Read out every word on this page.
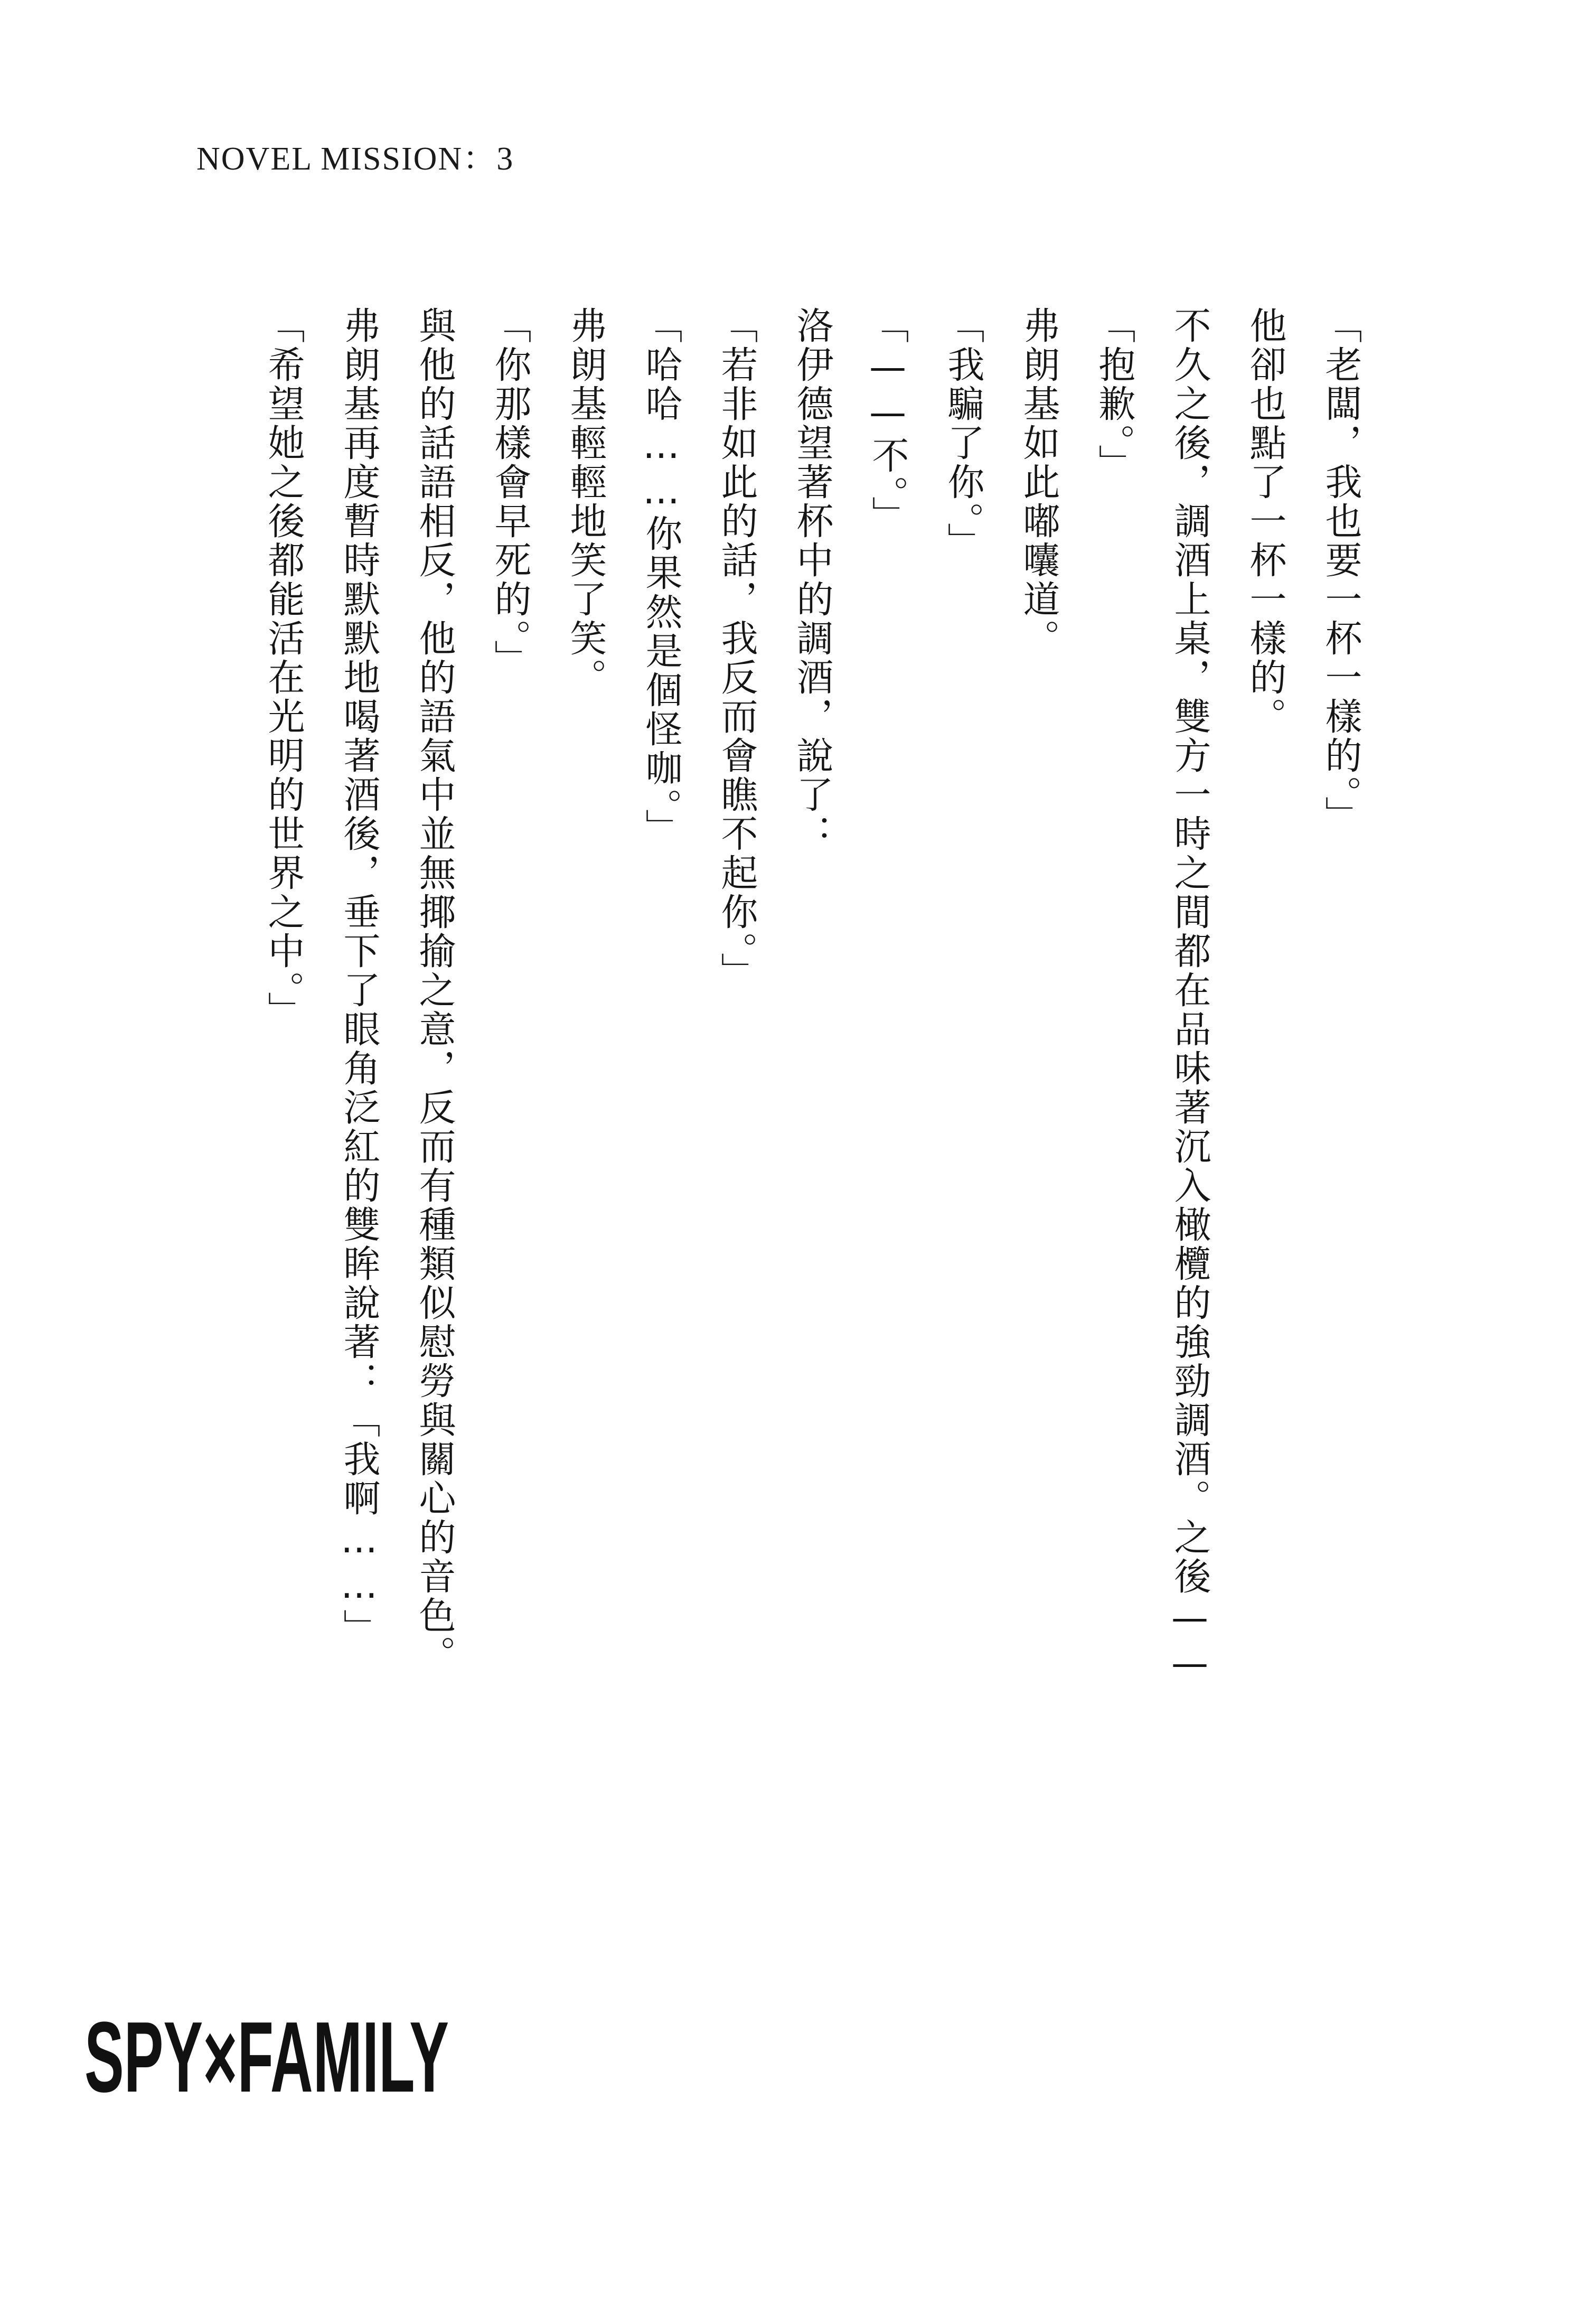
NOVEL MISSION：3

「老闆，我也要一杯一樣的。」

他卻也點了一杯一樣的。

不久之後，調酒上桌，雙方一時之間都在品味著沉入橄欖的強勁調酒。之後——

「抱歉。」

弗朗基如此嘟囔道。

「我騙了你。」

「——不。」

洛伊德望著杯中的調酒，說了：

「若非如此的話，我反而會瞧不起你。」

「哈哈……你果然是個怪咖。」

弗朗基輕輕地笑了笑。

「你那樣會早死的。」

與他的話語相反，他的語氣中並無揶揄之意，反而有種類似慰勞與關心的音色。

弗朗基再度暫時默默地喝著酒後，垂下了眼角泛紅的雙眸說著：「我啊……」

「希望她之後都能活在光明的世界之中。」

SPY×FAMILY
